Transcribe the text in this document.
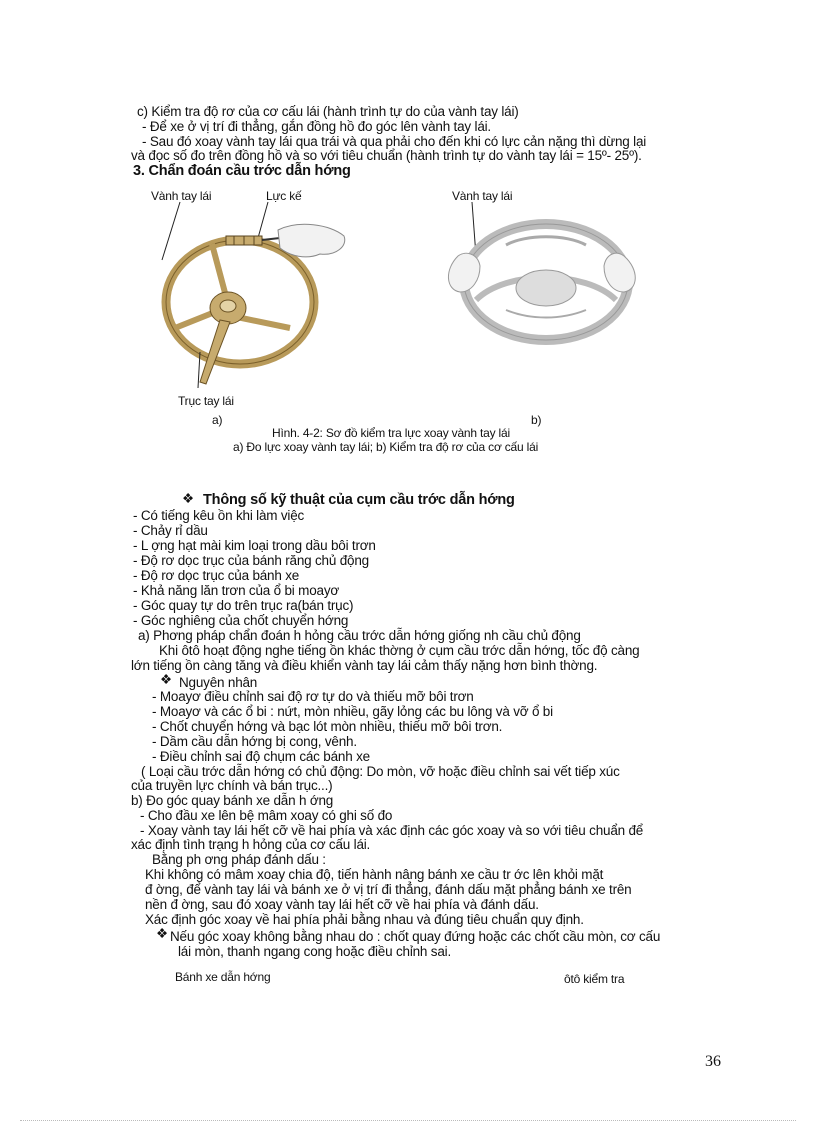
c) Kiểm tra độ rơ của cơ cấu lái (hành trình tự do của vành tay lái)
- Để xe ở vị trí đi thẳng, gắn đồng hồ đo góc lên vành tay lái.
- Sau đó xoay vành tay lái qua trái và qua phải cho đến khi có lực cản nặng thì dừng lại
và đọc số đo trên đồng hồ và so với tiêu chuẩn (hành trình tự do vành tay lái = 15º- 25º).
3. Chẩn đoán cầu trớc dẫn hớng
Vành tay lái	Lực kế	Vành tay lái
Trục tay lái
a)	b)
Hình. 4-2: Sơ đồ kiểm tra lực xoay vành tay lái
a) Đo lực xoay vành tay lái; b) Kiểm tra độ rơ của cơ cấu lái
❖ Thông số kỹ thuật của cụm cầu trớc dẫn hớng
- Có tiếng kêu ồn khi làm việc
- Chảy rỉ dầu
- L ợng hạt mài kim loại trong dầu bôi trơn
- Độ rơ dọc trục của bánh răng chủ động
- Độ rơ dọc trục của bánh xe
- Khả năng lăn trơn của ổ bi moayơ
- Góc quay tự do trên trục ra(bán trục)
- Góc nghiêng của chốt chuyển hớng
a) Phơng pháp chẩn đoán h hỏng cầu trớc dẫn hớng giống nh cầu chủ động
Khi ôtô hoạt động nghe tiếng ồn khác thờng ở cụm cầu trớc dẫn hớng, tốc độ càng
lớn tiếng ồn càng tăng và điều khiển vành tay lái cảm thấy nặng hơn bình thờng.
❖ Nguyên nhân
- Moayơ điều chỉnh sai độ rơ tự do và thiếu mỡ bôi trơn
- Moayơ và các ổ bi : nứt, mòn nhiều, gãy lỏng các bu lông và vỡ ổ bi
- Chốt chuyển hớng và bạc lót mòn nhiều, thiếu mỡ bôi trơn.
- Dầm cầu dẫn hớng bị cong, vênh.
- Điều chỉnh sai độ chụm các bánh xe
( Loại cầu trớc dẫn hớng có chủ động: Do mòn, vỡ hoặc điều chỉnh sai vết tiếp xúc
của truyền lực chính và bán trục...)
b) Đo góc quay bánh xe dẫn h ớng
- Cho đầu xe lên bệ mâm xoay có ghi số đo
- Xoay vành tay lái hết cỡ về hai phía và xác định các góc xoay và so với tiêu chuẩn để
xác định tình trạng h hỏng của cơ cấu lái.
Bằng ph ơng pháp đánh dấu :
Khi không có mâm xoay chia độ, tiến hành nâng bánh xe cầu tr ớc lên khỏi mặt
đ ờng, để vành tay lái và bánh xe ở vị trí đi thẳng, đánh dấu mặt phẳng bánh xe trên
nền đ ờng, sau đó xoay vành tay lái hết cỡ về hai phía và đánh dấu.
Xác định góc xoay về hai phía phải bằng nhau và đúng tiêu chuẩn quy định.
❖ Nếu góc xoay không bằng nhau do : chốt quay đứng hoặc các chốt cầu mòn, cơ cấu
lái mòn, thanh ngang cong hoặc điều chỉnh sai.
Bánh xe dẫn hớng	ôtô kiểm tra
36
